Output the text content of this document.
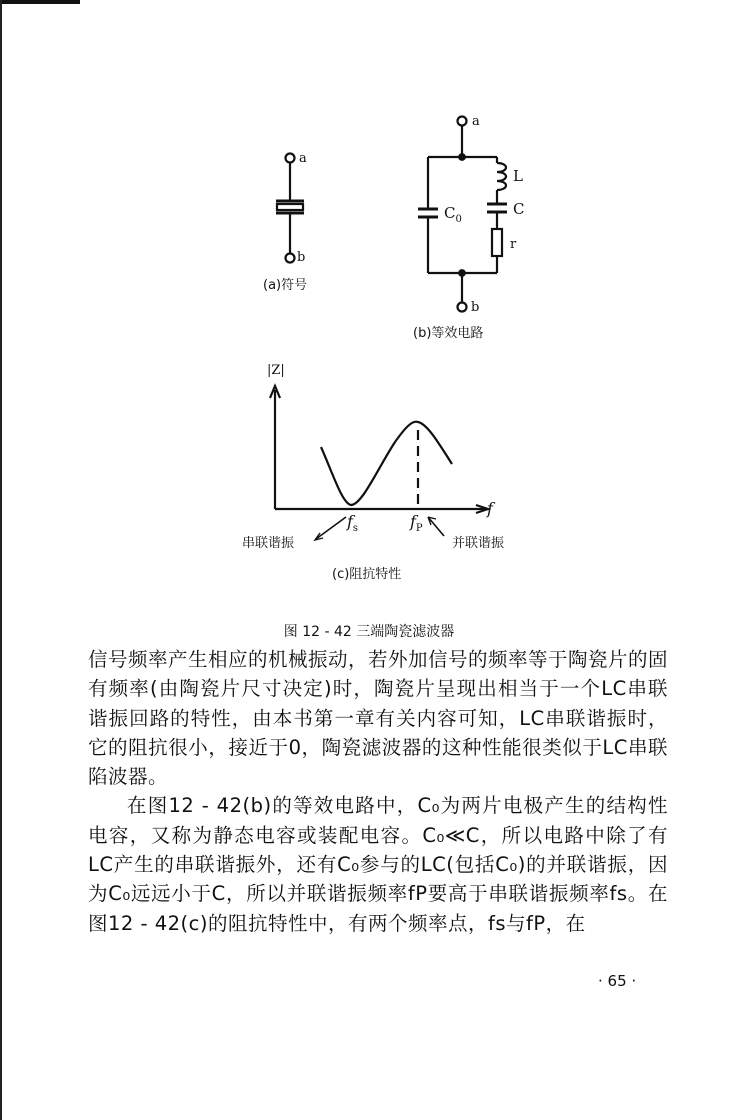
a
b
(a)符号
a
L
C
$C_0$
r
b
(b)等效电路
|Z|
f
$f_s$	$f_P$
串联谐振	并联谐振
(c)阻抗特性
图 12 - 42 三端陶瓷滤波器

信号频率产生相应的机械振动，若外加信号的频率等于陶瓷片的固有频率(由陶瓷片尺寸决定)时，陶瓷片呈现出相当于一个LC串联谐振回路的特性，由本书第一章有关内容可知，LC串联谐振时，它的阻抗很小，接近于0，陶瓷滤波器的这种性能很类似于LC串联陷波器。

在图12 - 42(b)的等效电路中，C₀为两片电极产生的结构性电容，又称为静态电容或装配电容。C₀≪C，所以电路中除了有LC产生的串联谐振外，还有C₀参与的LC(包括C₀)的并联谐振，因为C₀远远小于C，所以并联谐振频率fP要高于串联谐振频率fs。在图12 - 42(c)的阻抗特性中，有两个频率点，fs与fP，在

· 65 ·
